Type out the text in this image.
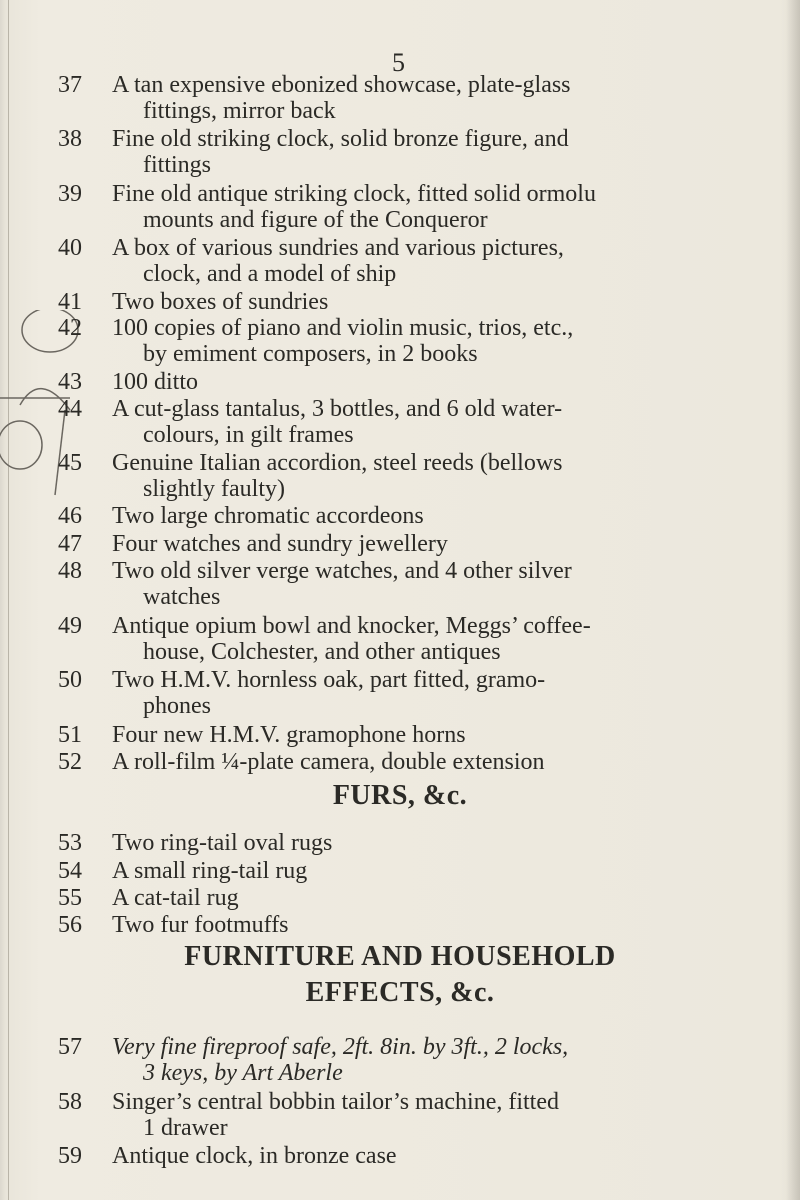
5
37	A tan expensive ebonized showcase, plate-glass
fittings, mirror back
38	Fine old striking clock, solid bronze figure, and
fittings
39	Fine old antique striking clock, fitted solid ormolu
mounts and figure of the Conqueror
40	A box of various sundries and various pictures,
clock, and a model of ship
41	Two boxes of sundries
42	100 copies of piano and violin music, trios, etc.,
by emiment composers, in 2 books
43	100 ditto
44	A cut-glass tantalus, 3 bottles, and 6 old water-
colours, in gilt frames
45	Genuine Italian accordion, steel reeds (bellows
slightly faulty)
46	Two large chromatic accordeons
47	Four watches and sundry jewellery
48	Two old silver verge watches, and 4 other silver
watches
49	Antique opium bowl and knocker, Meggs’ coffee-
house, Colchester, and other antiques
50	Two H.M.V. hornless oak, part fitted, gramo-
phones
51	Four new H.M.V. gramophone horns
52	A roll-film ¼-plate camera, double extension
FURS, &c.
53	Two ring-tail oval rugs
54	A small ring-tail rug
55	A cat-tail rug
56	Two fur footmuffs
FURNITURE AND HOUSEHOLD
EFFECTS, &c.
57	Very fine fireproof safe, 2ft. 8in. by 3ft., 2 locks,
3 keys, by Art Aberle
58	Singer’s central bobbin tailor’s machine, fitted
1 drawer
59	Antique clock, in bronze case
